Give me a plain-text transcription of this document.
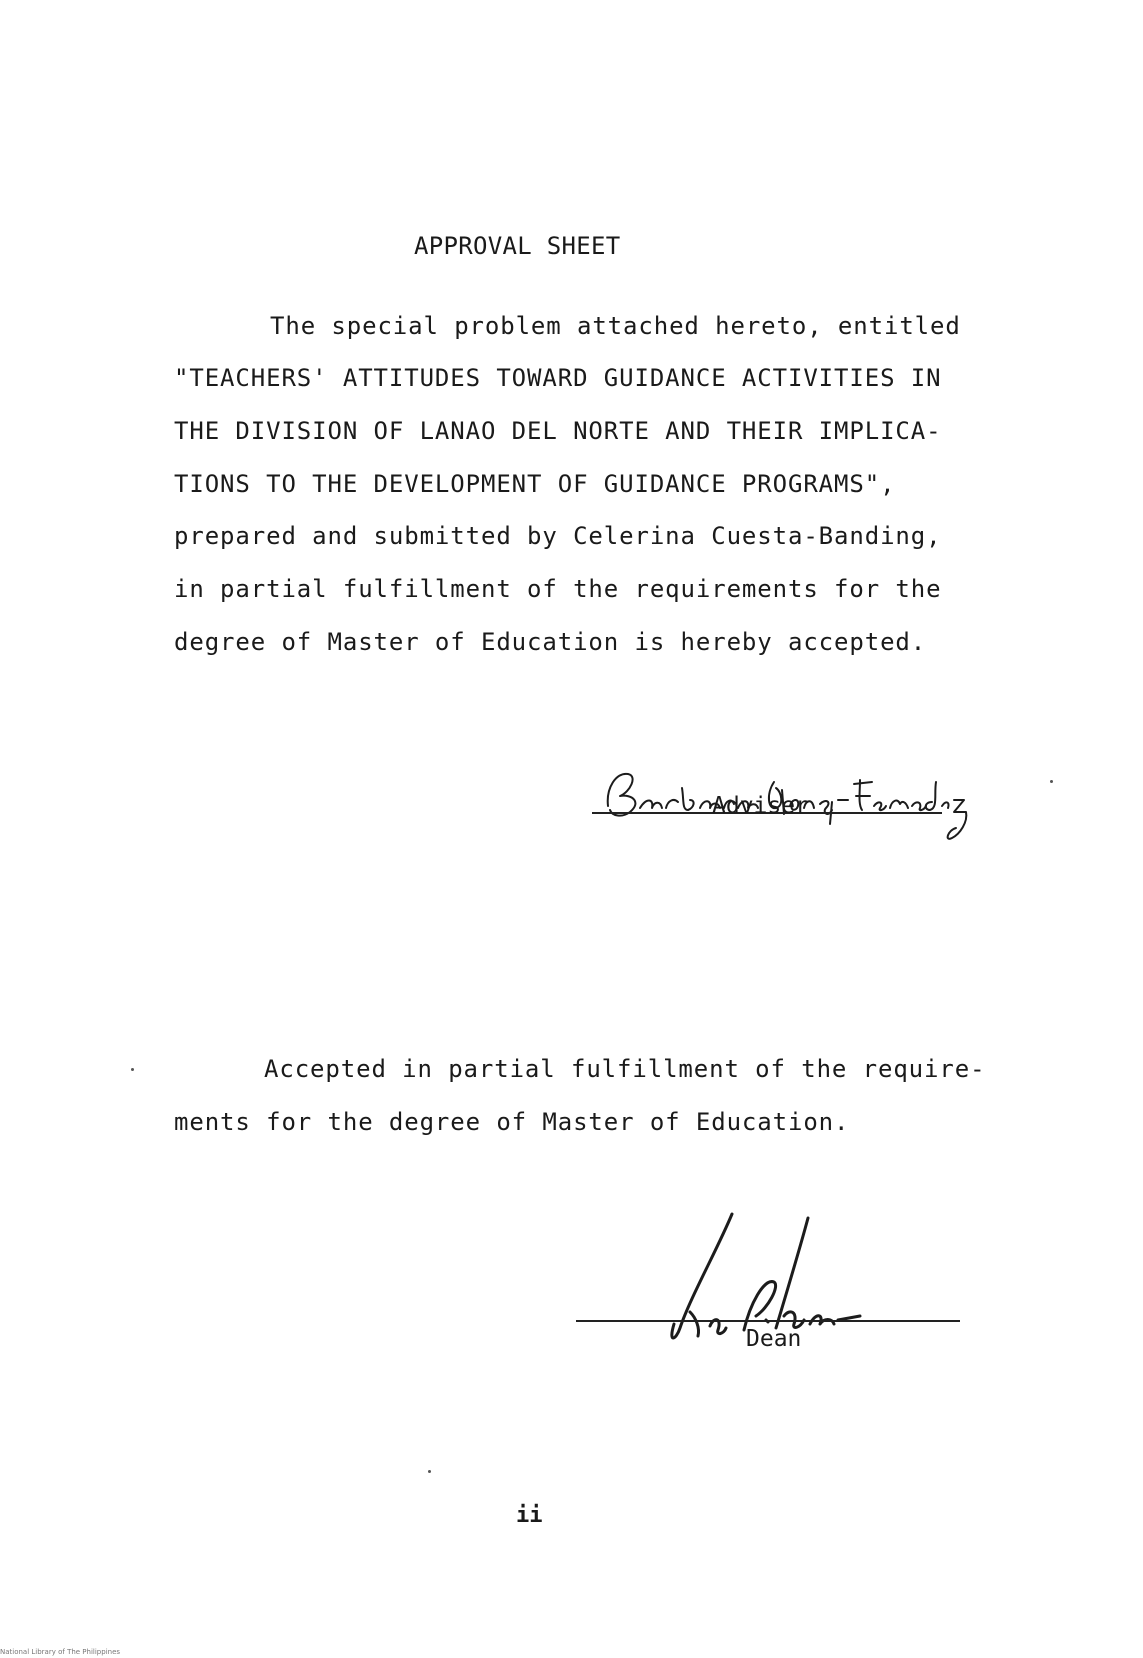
APPROVAL SHEET
The special problem attached hereto, entitled
"TEACHERS' ATTITUDES TOWARD GUIDANCE ACTIVITIES IN
THE DIVISION OF LANAO DEL NORTE AND THEIR IMPLICA-
TIONS TO THE DEVELOPMENT OF GUIDANCE PROGRAMS",
prepared and submitted by Celerina Cuesta-Banding,
in partial fulfillment of the requirements for the
degree of Master of Education is hereby accepted.
Adviser
Accepted in partial fulfillment of the require-
ments for the degree of Master of Education.
Dean
ii
National Library of The Philippines
